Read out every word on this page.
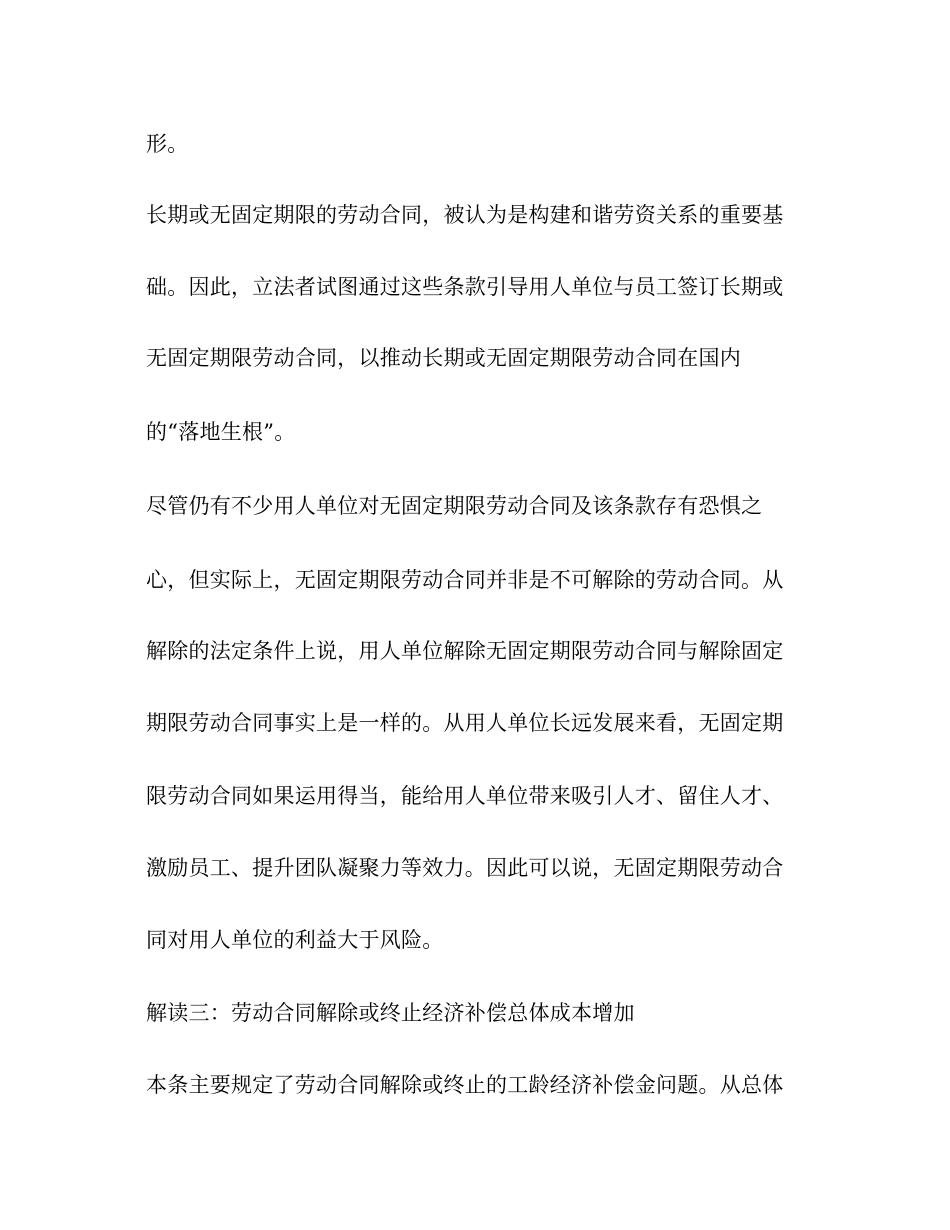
形。
长期或无固定期限的劳动合同，被认为是构建和谐劳资关系的重要基
础。因此，立法者试图通过这些条款引导用人单位与员工签订长期或
无固定期限劳动合同，以推动长期或无固定期限劳动合同在国内
的“落地生根”。
尽管仍有不少用人单位对无固定期限劳动合同及该条款存有恐惧之
心，但实际上，无固定期限劳动合同并非是不可解除的劳动合同。从
解除的法定条件上说，用人单位解除无固定期限劳动合同与解除固定
期限劳动合同事实上是一样的。从用人单位长远发展来看，无固定期
限劳动合同如果运用得当，能给用人单位带来吸引人才、留住人才、
激励员工、提升团队凝聚力等效力。因此可以说，无固定期限劳动合
同对用人单位的利益大于风险。
解读三：劳动合同解除或终止经济补偿总体成本增加
本条主要规定了劳动合同解除或终止的工龄经济补偿金问题。从总体
